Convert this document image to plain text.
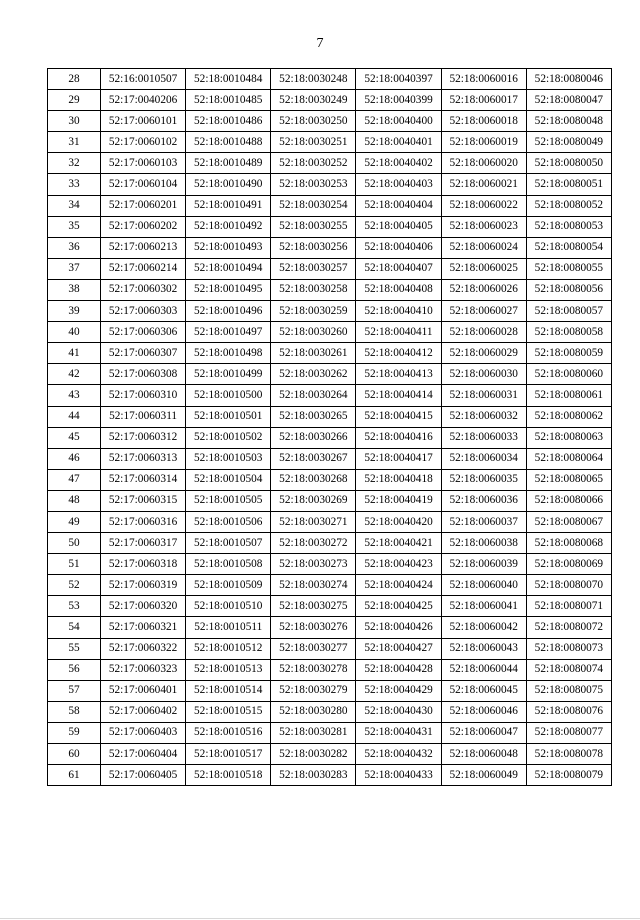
7
28	52:16:0010507	52:18:0010484	52:18:0030248	52:18:0040397	52:18:0060016	52:18:0080046
29	52:17:0040206	52:18:0010485	52:18:0030249	52:18:0040399	52:18:0060017	52:18:0080047
30	52:17:0060101	52:18:0010486	52:18:0030250	52:18:0040400	52:18:0060018	52:18:0080048
31	52:17:0060102	52:18:0010488	52:18:0030251	52:18:0040401	52:18:0060019	52:18:0080049
32	52:17:0060103	52:18:0010489	52:18:0030252	52:18:0040402	52:18:0060020	52:18:0080050
33	52:17:0060104	52:18:0010490	52:18:0030253	52:18:0040403	52:18:0060021	52:18:0080051
34	52:17:0060201	52:18:0010491	52:18:0030254	52:18:0040404	52:18:0060022	52:18:0080052
35	52:17:0060202	52:18:0010492	52:18:0030255	52:18:0040405	52:18:0060023	52:18:0080053
36	52:17:0060213	52:18:0010493	52:18:0030256	52:18:0040406	52:18:0060024	52:18:0080054
37	52:17:0060214	52:18:0010494	52:18:0030257	52:18:0040407	52:18:0060025	52:18:0080055
38	52:17:0060302	52:18:0010495	52:18:0030258	52:18:0040408	52:18:0060026	52:18:0080056
39	52:17:0060303	52:18:0010496	52:18:0030259	52:18:0040410	52:18:0060027	52:18:0080057
40	52:17:0060306	52:18:0010497	52:18:0030260	52:18:0040411	52:18:0060028	52:18:0080058
41	52:17:0060307	52:18:0010498	52:18:0030261	52:18:0040412	52:18:0060029	52:18:0080059
42	52:17:0060308	52:18:0010499	52:18:0030262	52:18:0040413	52:18:0060030	52:18:0080060
43	52:17:0060310	52:18:0010500	52:18:0030264	52:18:0040414	52:18:0060031	52:18:0080061
44	52:17:0060311	52:18:0010501	52:18:0030265	52:18:0040415	52:18:0060032	52:18:0080062
45	52:17:0060312	52:18:0010502	52:18:0030266	52:18:0040416	52:18:0060033	52:18:0080063
46	52:17:0060313	52:18:0010503	52:18:0030267	52:18:0040417	52:18:0060034	52:18:0080064
47	52:17:0060314	52:18:0010504	52:18:0030268	52:18:0040418	52:18:0060035	52:18:0080065
48	52:17:0060315	52:18:0010505	52:18:0030269	52:18:0040419	52:18:0060036	52:18:0080066
49	52:17:0060316	52:18:0010506	52:18:0030271	52:18:0040420	52:18:0060037	52:18:0080067
50	52:17:0060317	52:18:0010507	52:18:0030272	52:18:0040421	52:18:0060038	52:18:0080068
51	52:17:0060318	52:18:0010508	52:18:0030273	52:18:0040423	52:18:0060039	52:18:0080069
52	52:17:0060319	52:18:0010509	52:18:0030274	52:18:0040424	52:18:0060040	52:18:0080070
53	52:17:0060320	52:18:0010510	52:18:0030275	52:18:0040425	52:18:0060041	52:18:0080071
54	52:17:0060321	52:18:0010511	52:18:0030276	52:18:0040426	52:18:0060042	52:18:0080072
55	52:17:0060322	52:18:0010512	52:18:0030277	52:18:0040427	52:18:0060043	52:18:0080073
56	52:17:0060323	52:18:0010513	52:18:0030278	52:18:0040428	52:18:0060044	52:18:0080074
57	52:17:0060401	52:18:0010514	52:18:0030279	52:18:0040429	52:18:0060045	52:18:0080075
58	52:17:0060402	52:18:0010515	52:18:0030280	52:18:0040430	52:18:0060046	52:18:0080076
59	52:17:0060403	52:18:0010516	52:18:0030281	52:18:0040431	52:18:0060047	52:18:0080077
60	52:17:0060404	52:18:0010517	52:18:0030282	52:18:0040432	52:18:0060048	52:18:0080078
61	52:17:0060405	52:18:0010518	52:18:0030283	52:18:0040433	52:18:0060049	52:18:0080079
